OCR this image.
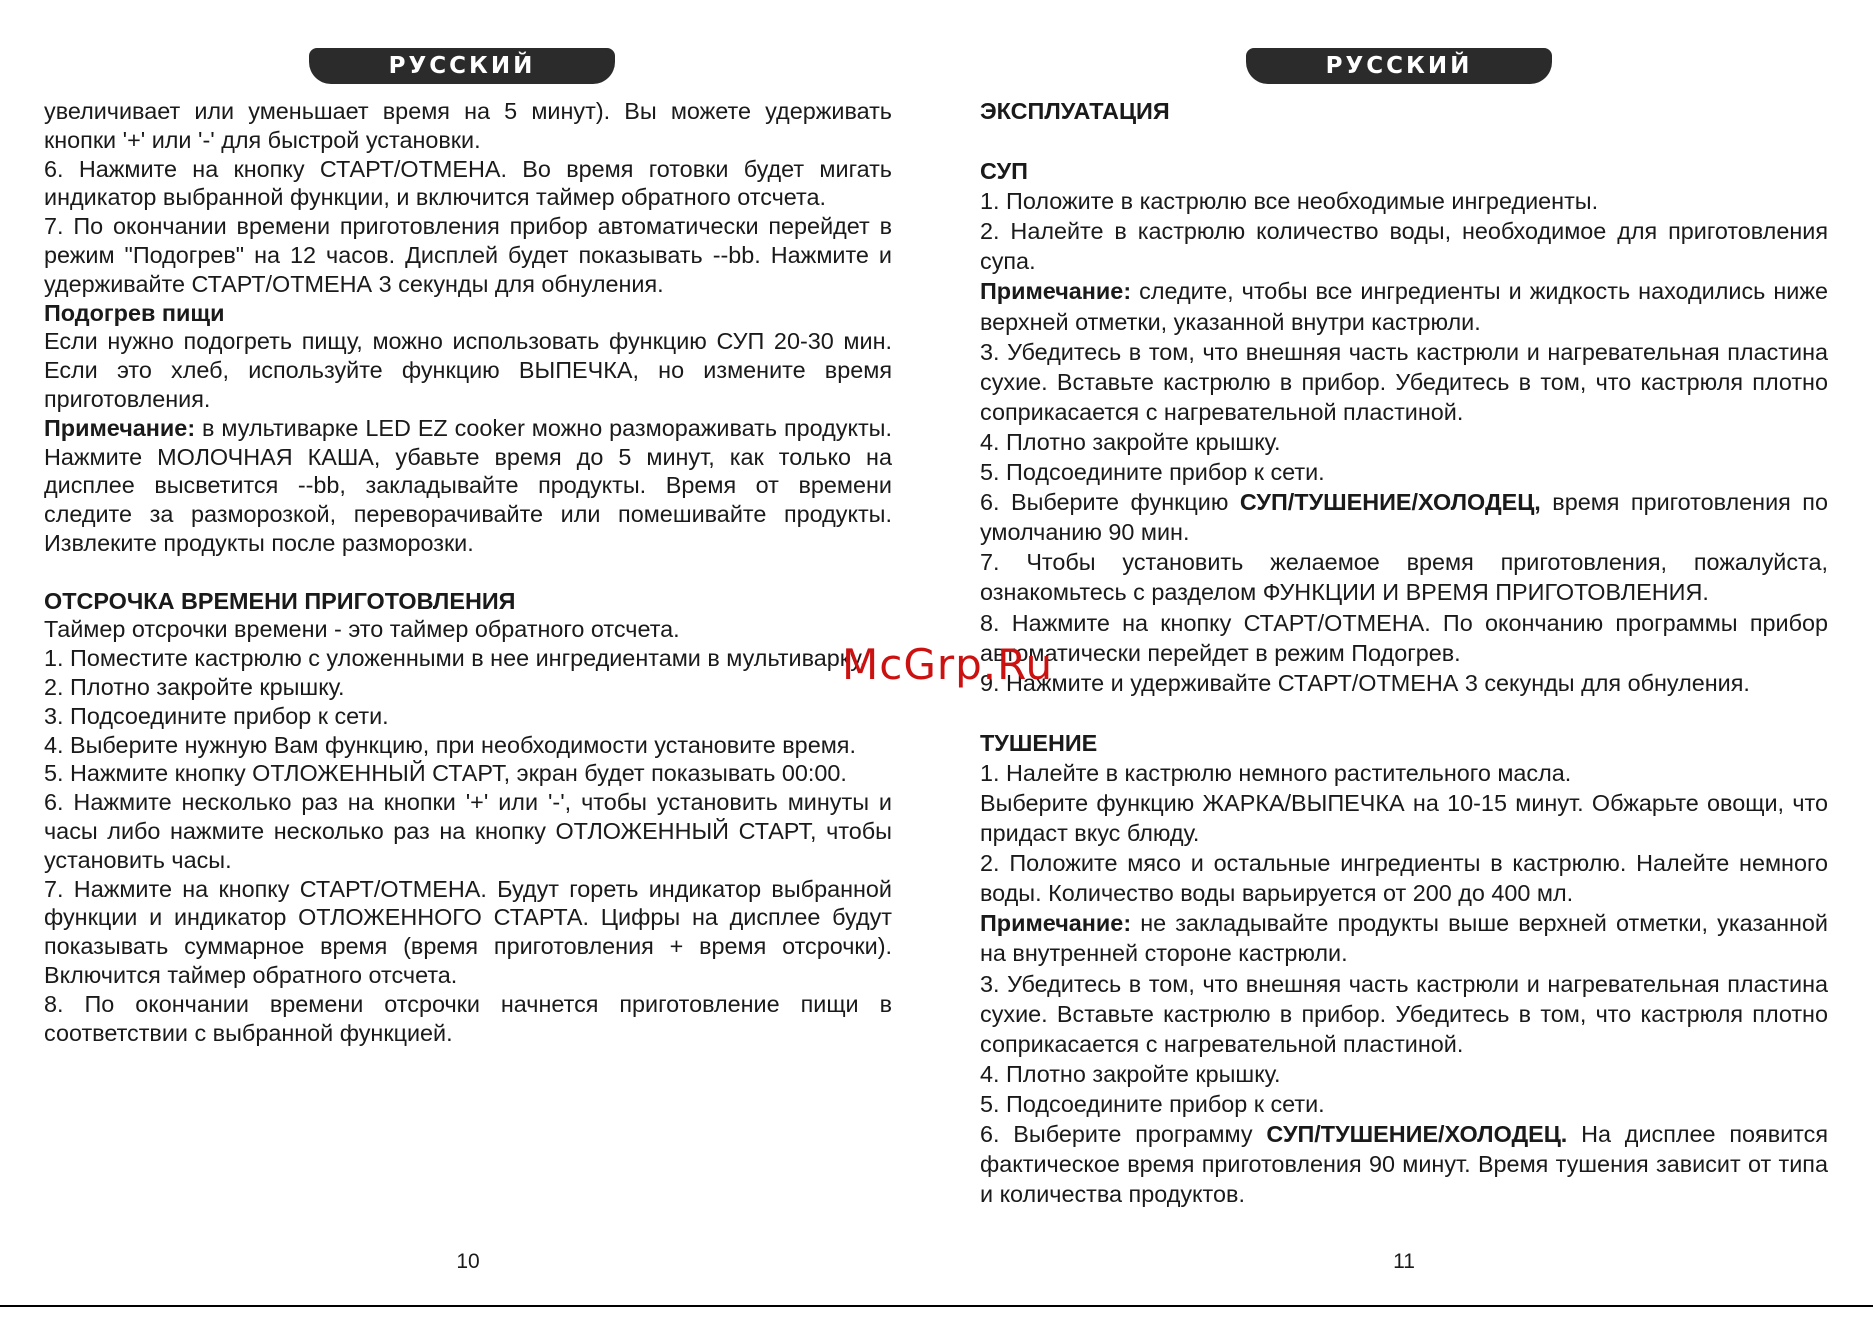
РУССКИЙ

увеличивает или уменьшает время на 5 минут). Вы можете удерживать кнопки '+' или '-' для быстрой установки.

6. Нажмите на кнопку СТАРТ/ОТМЕНА. Во время готовки будет мигать индикатор выбранной функции, и включится таймер обратного отсчета.

7. По окончании времени приготовления прибор автоматически перейдет в режим "Подогрев" на 12 часов. Дисплей будет показывать --bb. Нажмите и удерживайте СТАРТ/ОТМЕНА 3 секунды для обнуления.

Подогрев пищи

Если нужно подогреть пищу, можно использовать функцию СУП 20-30 мин. Если это хлеб, используйте функцию ВЫПЕЧКА, но измените время приготовления.

Примечание: в мультиварке LED EZ cooker можно размораживать продукты. Нажмите МОЛОЧНАЯ КАША, убавьте время до 5 минут, как только на дисплее высветится --bb, закладывайте продукты. Время от времени следите за разморозкой, переворачивайте или помешивайте продукты. Извлеките продукты после разморозки.

ОТСРОЧКА ВРЕМЕНИ ПРИГОТОВЛЕНИЯ

Таймер отсрочки времени - это таймер обратного отсчета.

1. Поместите кастрюлю с уложенными в нее ингредиентами в мультиварку.

2. Плотно закройте крышку.

3. Подсоедините прибор к сети.

4. Выберите нужную Вам функцию, при необходимости установите время.

5. Нажмите кнопку ОТЛОЖЕННЫЙ СТАРТ, экран будет показывать 00:00.

6. Нажмите несколько раз на кнопки '+' или '-', чтобы установить минуты и часы либо нажмите несколько раз на кнопку ОТЛОЖЕННЫЙ СТАРТ, чтобы установить часы.

7. Нажмите на кнопку СТАРТ/ОТМЕНА. Будут гореть индикатор выбранной функции и индикатор ОТЛОЖЕННОГО СТАРТА. Цифры на дисплее будут показывать суммарное время (время приготовления + время отсрочки). Включится таймер обратного отсчета.

8. По окончании времени отсрочки начнется приготовление пищи в соответствии с выбранной функцией.

10
РУССКИЙ

ЭКСПЛУАТАЦИЯ

СУП

1. Положите в кастрюлю все необходимые ингредиенты.

2. Налейте в кастрюлю количество воды, необходимое для приготовления супа.

Примечание: следите, чтобы все ингредиенты и жидкость находились ниже верхней отметки, указанной внутри кастрюли.

3. Убедитесь в том, что внешняя часть кастрюли и нагревательная пластина сухие. Вставьте кастрюлю в прибор. Убедитесь в том, что кастрюля плотно соприкасается с нагревательной пластиной.

4. Плотно закройте крышку.

5. Подсоедините прибор к сети.

6. Выберите функцию СУП/ТУШЕНИЕ/ХОЛОДЕЦ, время приготовления по умолчанию 90 мин.

7. Чтобы установить желаемое время приготовления, пожалуйста, ознакомьтесь с разделом ФУНКЦИИ И ВРЕМЯ ПРИГОТОВЛЕНИЯ.

8. Нажмите на кнопку СТАРТ/ОТМЕНА. По окончанию программы прибор автоматически перейдет в режим Подогрев.

9. Нажмите и удерживайте СТАРТ/ОТМЕНА 3 секунды для обнуления.

ТУШЕНИЕ

1. Налейте в кастрюлю немного растительного масла.

Выберите функцию ЖАРКА/ВЫПЕЧКА на 10-15 минут. Обжарьте овощи, что придаст вкус блюду.

2. Положите мясо и остальные ингредиенты в кастрюлю. Налейте немного воды. Количество воды варьируется от 200 до 400 мл.

Примечание: не закладывайте продукты выше верхней отметки, указанной на внутренней стороне кастрюли.

3. Убедитесь в том, что внешняя часть кастрюли и нагревательная пластина сухие. Вставьте кастрюлю в прибор. Убедитесь в том, что кастрюля плотно соприкасается с нагревательной пластиной.

4. Плотно закройте крышку.

5. Подсоедините прибор к сети.

6. Выберите программу СУП/ТУШЕНИЕ/ХОЛОДЕЦ. На дисплее появится фактическое время приготовления 90 минут. Время тушения зависит от типа и количества продуктов.

11
McGrp.Ru
